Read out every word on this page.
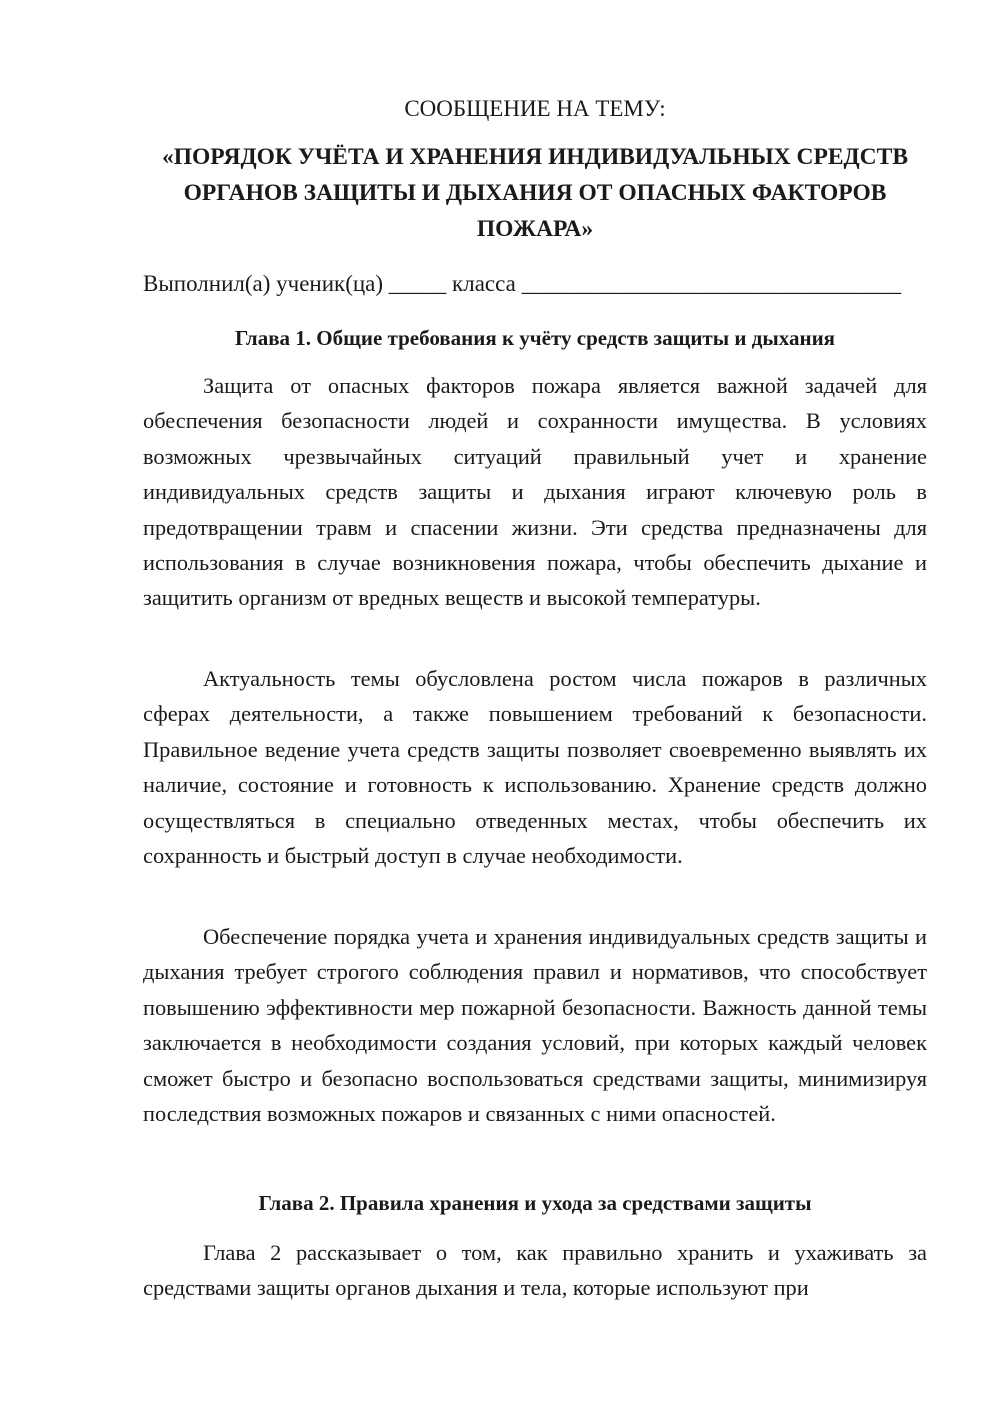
СООБЩЕНИЕ НА ТЕМУ:
«ПОРЯДОК УЧЁТА И ХРАНЕНИЯ ИНДИВИДУАЛЬНЫХ СРЕДСТВ
ОРГАНОВ ЗАЩИТЫ И ДЫХАНИЯ ОТ ОПАСНЫХ ФАКТОРОВ
ПОЖАРА»
Выполнил(а) ученик(ца) _____ класса _________________________________
Глава 1. Общие требования к учёту средств защиты и дыхания
Защита от опасных факторов пожара является важной задачей для обеспечения безопасности людей и сохранности имущества. В условиях возможных чрезвычайных ситуаций правильный учет и хранение индивидуальных средств защиты и дыхания играют ключевую роль в предотвращении травм и спасении жизни. Эти средства предназначены для использования в случае возникновения пожара, чтобы обеспечить дыхание и защитить организм от вредных веществ и высокой температуры.
Актуальность темы обусловлена ростом числа пожаров в различных сферах деятельности, а также повышением требований к безопасности. Правильное ведение учета средств защиты позволяет своевременно выявлять их наличие, состояние и готовность к использованию. Хранение средств должно осуществляться в специально отведенных местах, чтобы обеспечить их сохранность и быстрый доступ в случае необходимости.
Обеспечение порядка учета и хранения индивидуальных средств защиты и дыхания требует строгого соблюдения правил и нормативов, что способствует повышению эффективности мер пожарной безопасности. Важность данной темы заключается в необходимости создания условий, при которых каждый человек сможет быстро и безопасно воспользоваться средствами защиты, минимизируя последствия возможных пожаров и связанных с ними опасностей.
Глава 2. Правила хранения и ухода за средствами защиты
Глава 2 рассказывает о том, как правильно хранить и ухаживать за средствами защиты органов дыхания и тела, которые используют при
